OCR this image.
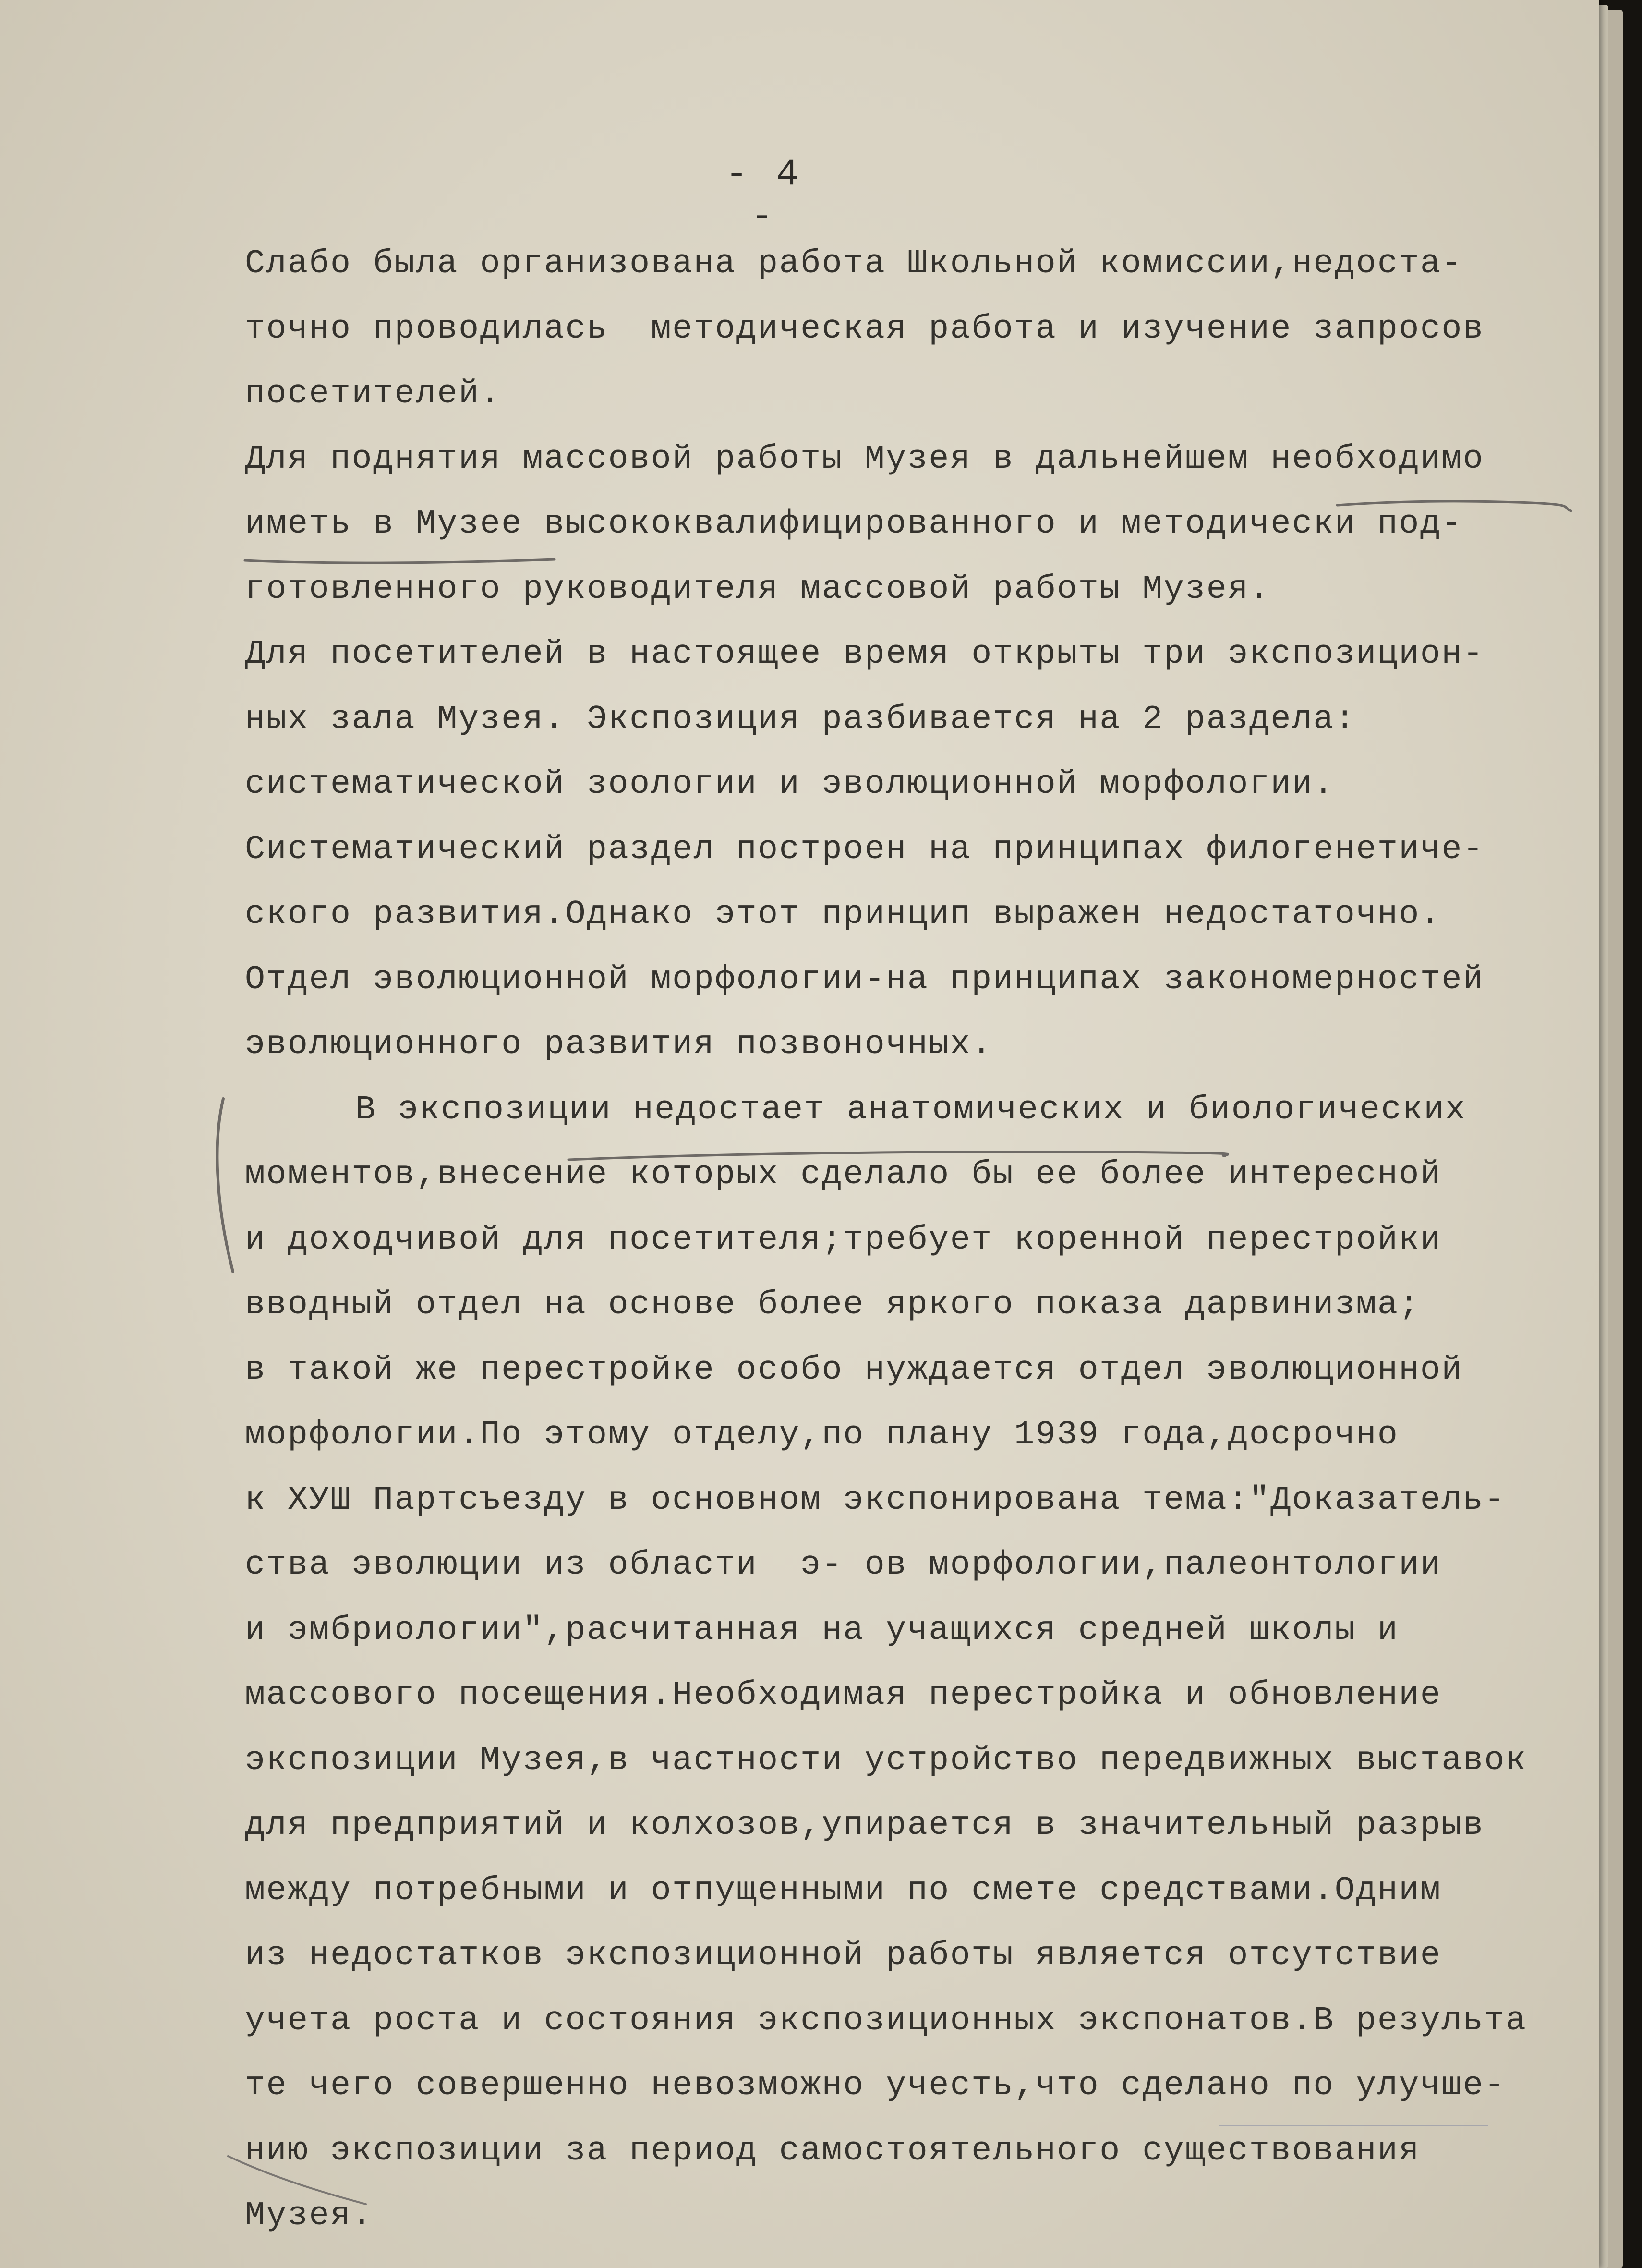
- 4 -
Слабо была организована работа Школьной комиссии,недоста-
точно проводилась  методическая работа и изучение запросов
посетителей.
Для поднятия массовой работы Музея в дальнейшем необходимо
иметь в Музее высококвалифицированного и методически под-
готовленного руководителя массовой работы Музея.
Для посетителей в настоящее время открыты три экспозицион-
ных зала Музея. Экспозиция разбивается на 2 раздела:
систематической зоологии и эволюционной морфологии.
Систематический раздел построен на принципах филогенетиче-
ского развития.Однако этот принцип выражен недостаточно.
Отдел эволюционной морфологии-на принципах закономерностей
эволюционного развития позвоночных.
В экспозиции недостает анатомических и биологических
моментов,внесение которых сделало бы ее более интересной
и доходчивой для посетителя;требует коренной перестройки
вводный отдел на основе более яркого показа дарвинизма;
в такой же перестройке особо нуждается отдел эволюционной
морфологии.По этому отделу,по плану 1939 года,досрочно
к ХУШ Партсъезду в основном экспонирована тема:"Доказатель-
ства эволюции из области  э- ов морфологии,палеонтологии
и эмбриологии",расчитанная на учащихся средней школы и
массового посещения.Необходимая перестройка и обновление
экспозиции Музея,в частности устройство передвижных выставок
для предприятий и колхозов,упирается в значительный разрыв
между потребными и отпущенными по смете средствами.Одним
из недостатков экспозиционной работы является отсутствие
учета роста и состояния экспозиционных экспонатов.В результа
те чего совершенно невозможно учесть,что сделано по улучше-
нию экспозиции за период самостоятельного существования
Музея.
